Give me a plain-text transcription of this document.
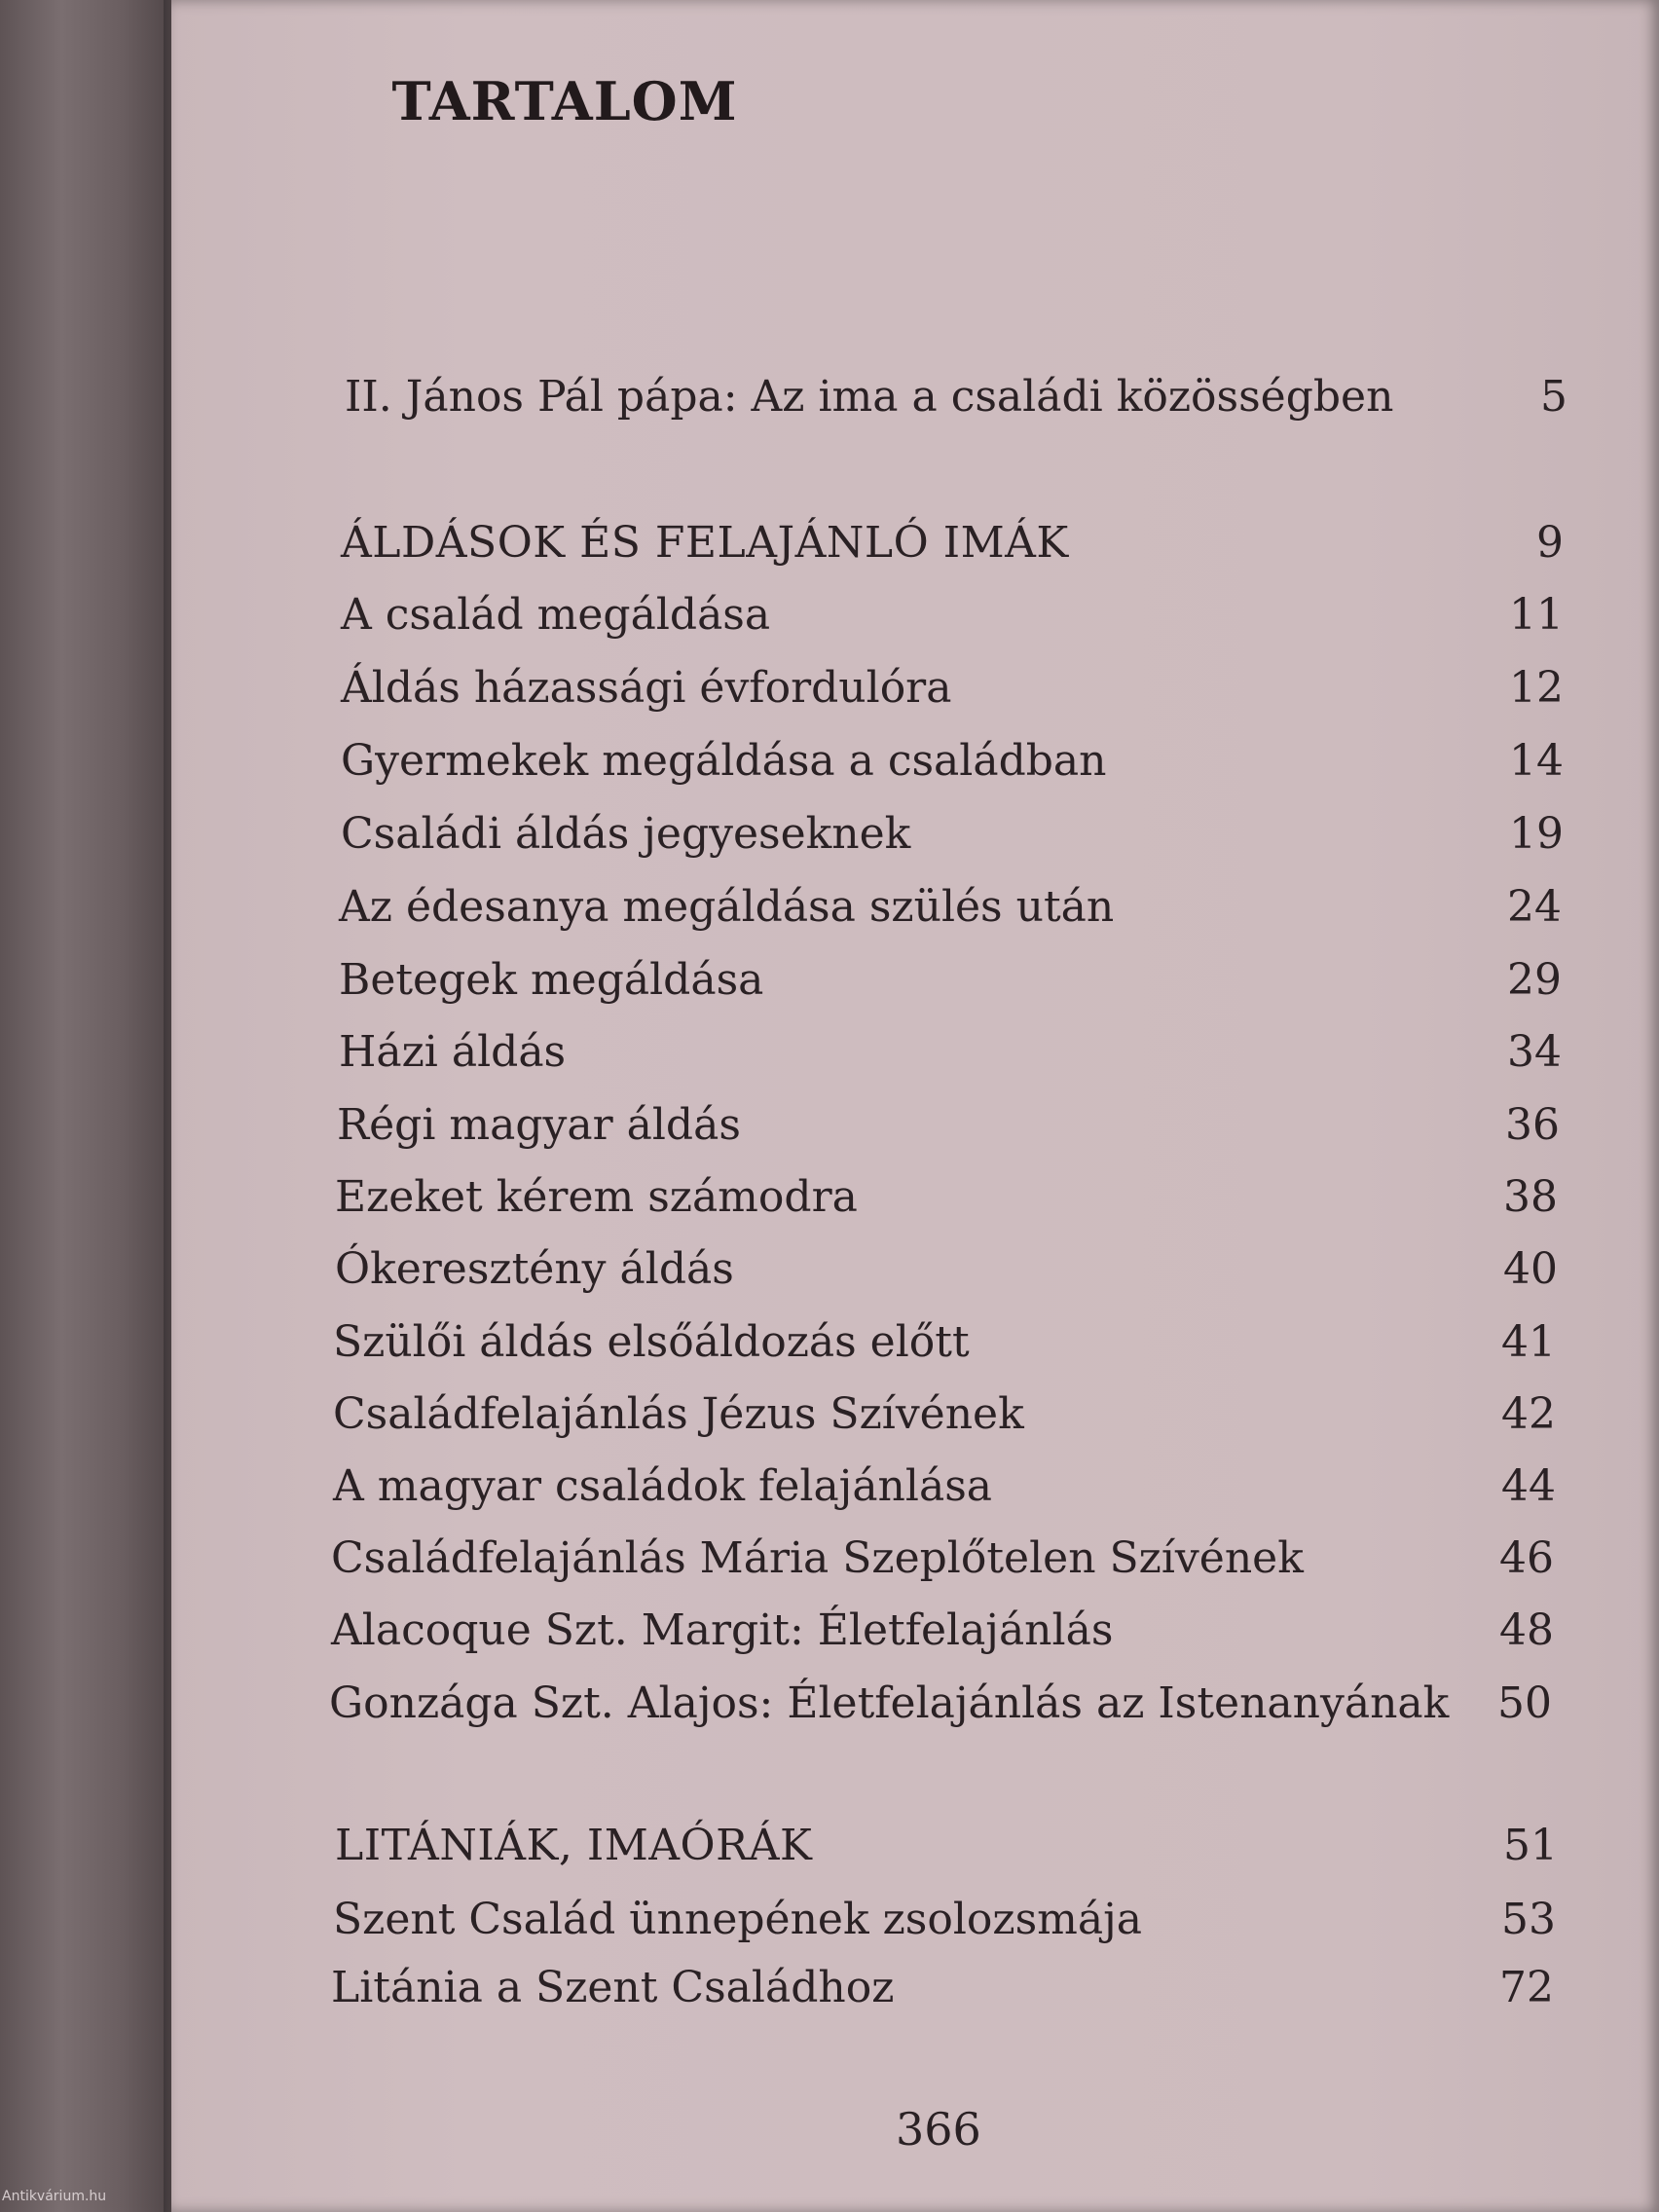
TARTALOM
II. János Pál pápa: Az ima a családi közösségben	5
ÁLDÁSOK ÉS FELAJÁNLÓ IMÁK	9
A család megáldása	11
Áldás házassági évfordulóra	12
Gyermekek megáldása a családban	14
Családi áldás jegyeseknek	19
Az édesanya megáldása szülés után	24
Betegek megáldása	29
Házi áldás	34
Régi magyar áldás	36
Ezeket kérem számodra	38
Ókeresztény áldás	40
Szülői áldás elsőáldozás előtt	41
Családfelajánlás Jézus Szívének	42
A magyar családok felajánlása	44
Családfelajánlás Mária Szeplőtelen Szívének	46
Alacoque Szt. Margit: Életfelajánlás	48
Gonzága Szt. Alajos: Életfelajánlás az Istenanyának 50
LITÁNIÁK, IMAÓRÁK	51
Szent Család ünnepének zsolozsmája	53
Litánia a Szent Családhoz	72
366
Antikvárium.hu
